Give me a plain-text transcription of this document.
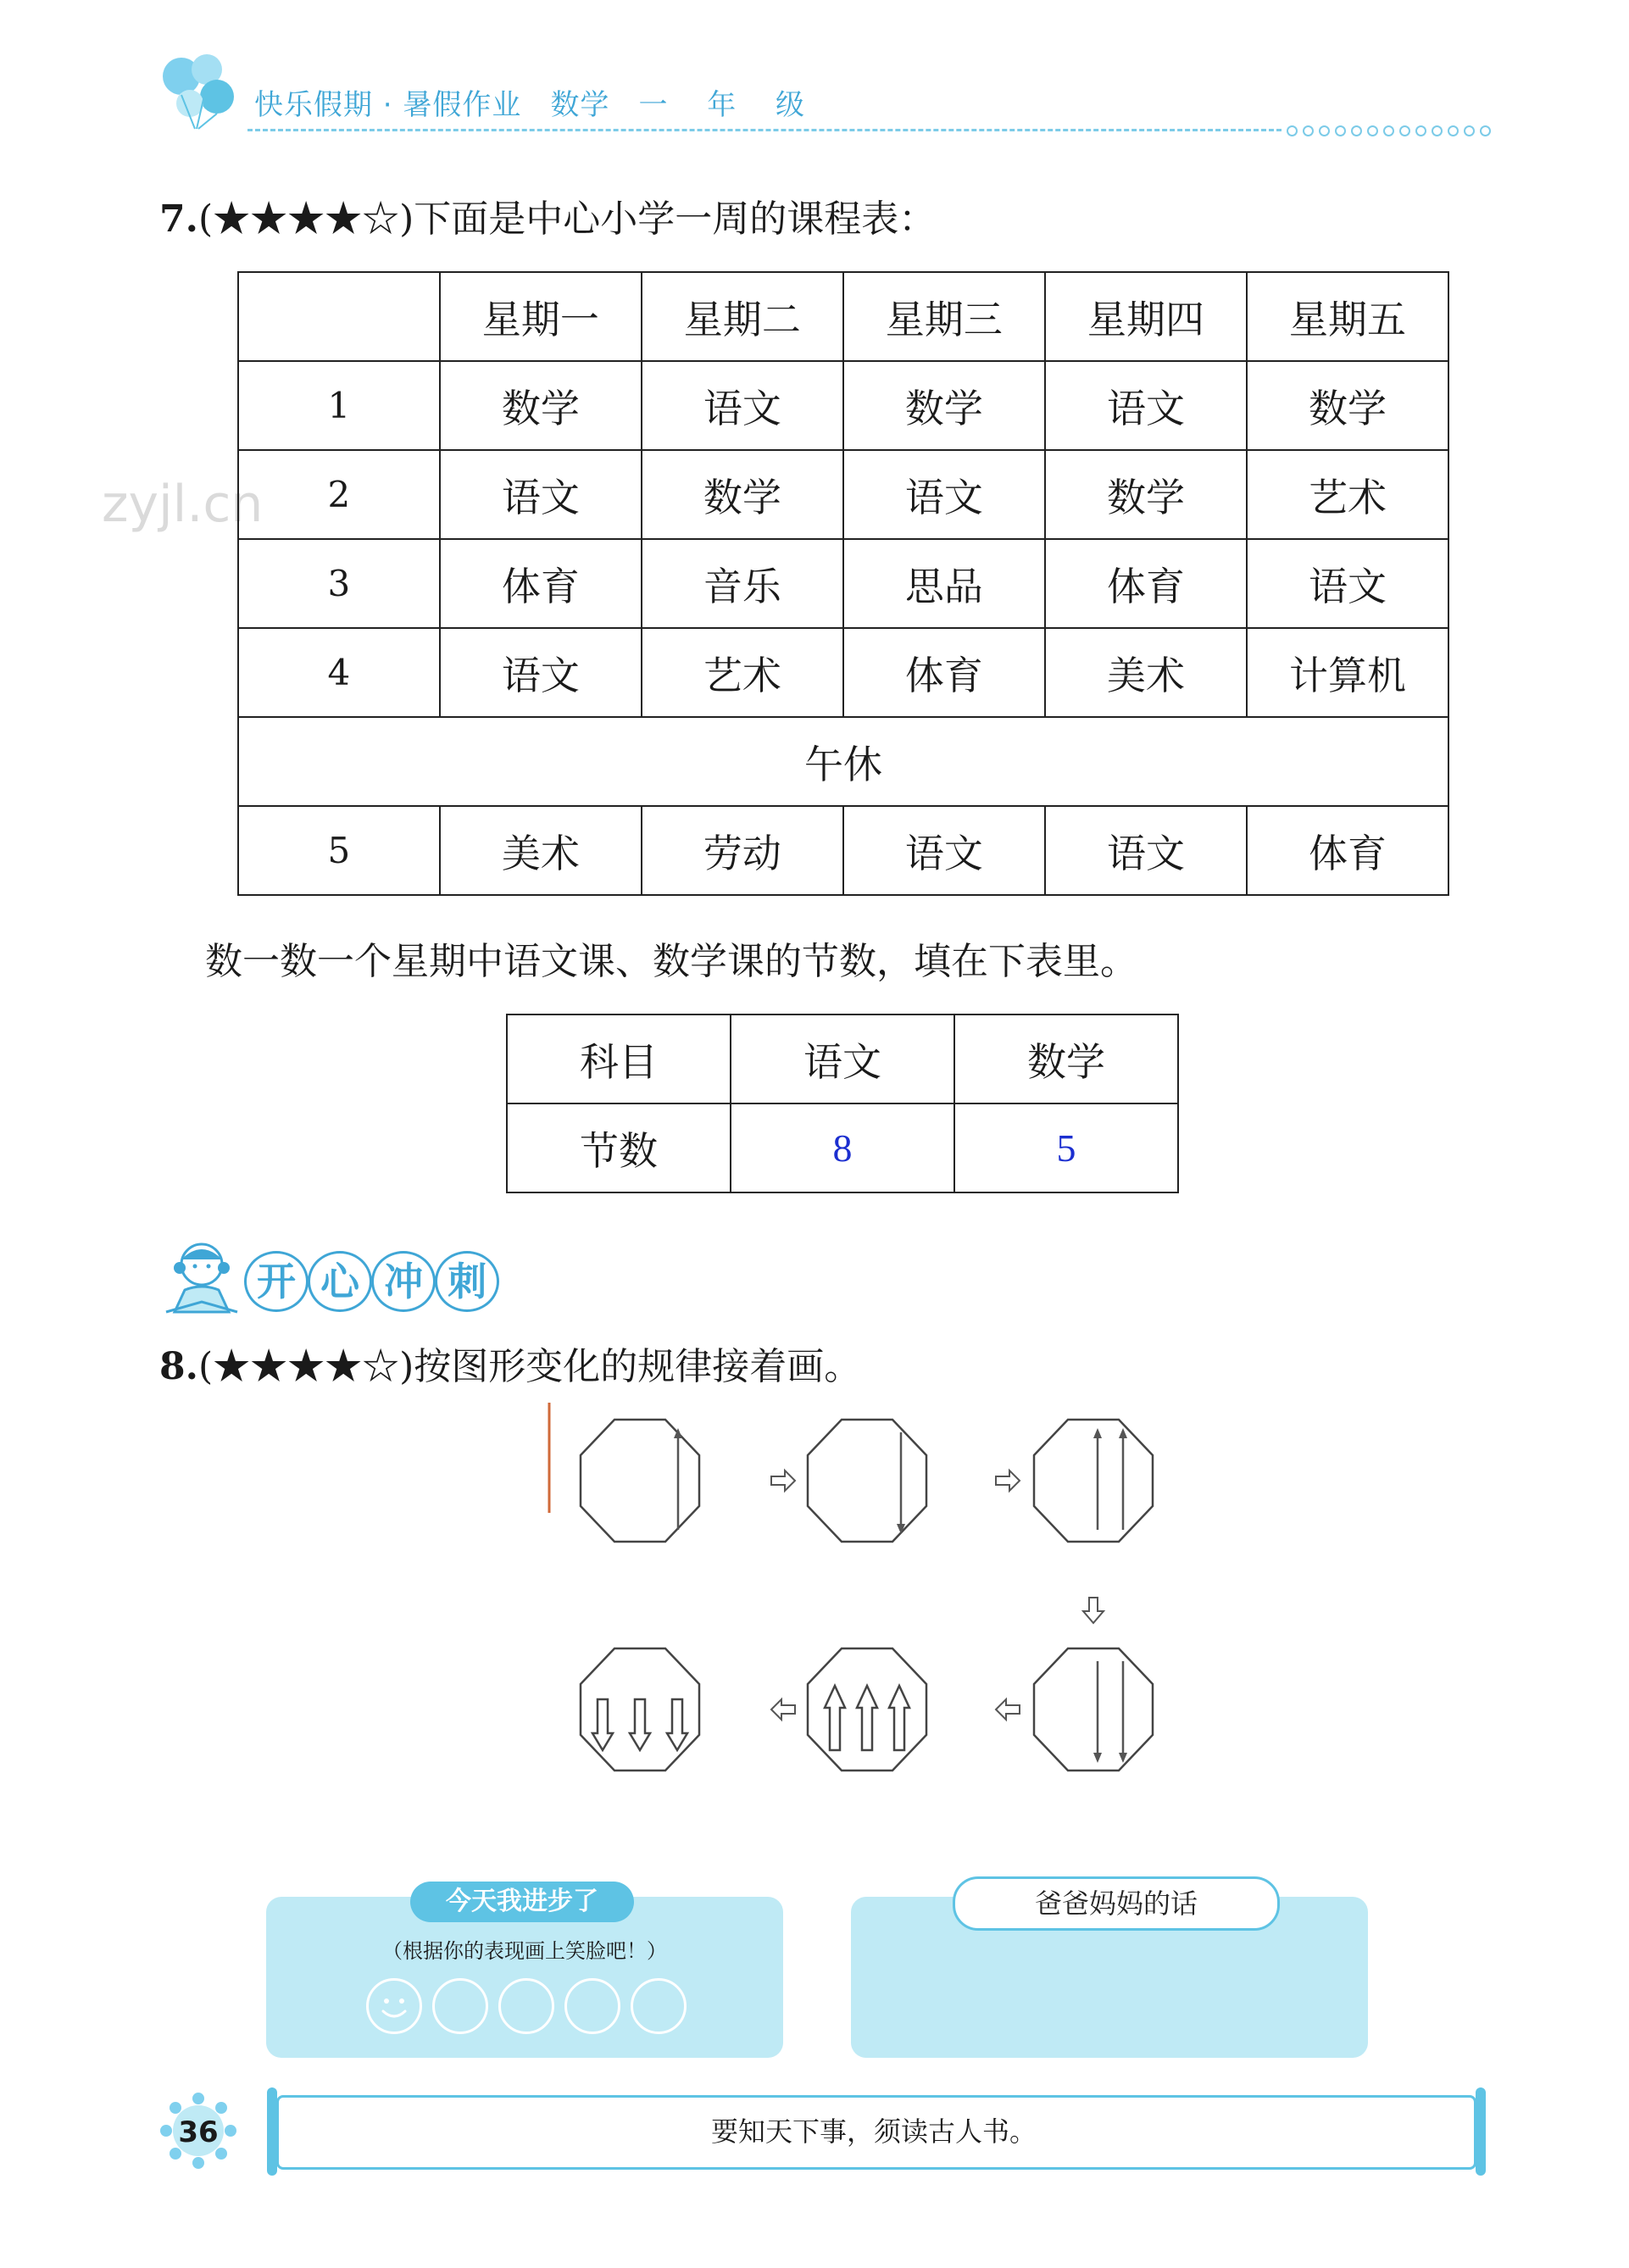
快乐假期 · 暑假作业 数学 一 年 级
zyjl.cn
7.(★★★★☆)下面是中心小学一周的课程表：
	星期一	星期二	星期三	星期四	星期五
1	数学	语文	数学	语文	数学
2	语文	数学	语文	数学	艺术
3	体育	音乐	思品	体育	语文
4	语文	艺术	体育	美术	计算机
午休					
5	美术	劳动	语文	语文	体育
数一数一个星期中语文课、数学课的节数，填在下表里。
科目	语文	数学
节数	8	5
开 心 冲 刺
8.(★★★★☆)按图形变化的规律接着画。
今天我进步了
（根据你的表现画上笑脸吧！）
爸爸妈妈的话
36	要知天下事，须读古人书。
